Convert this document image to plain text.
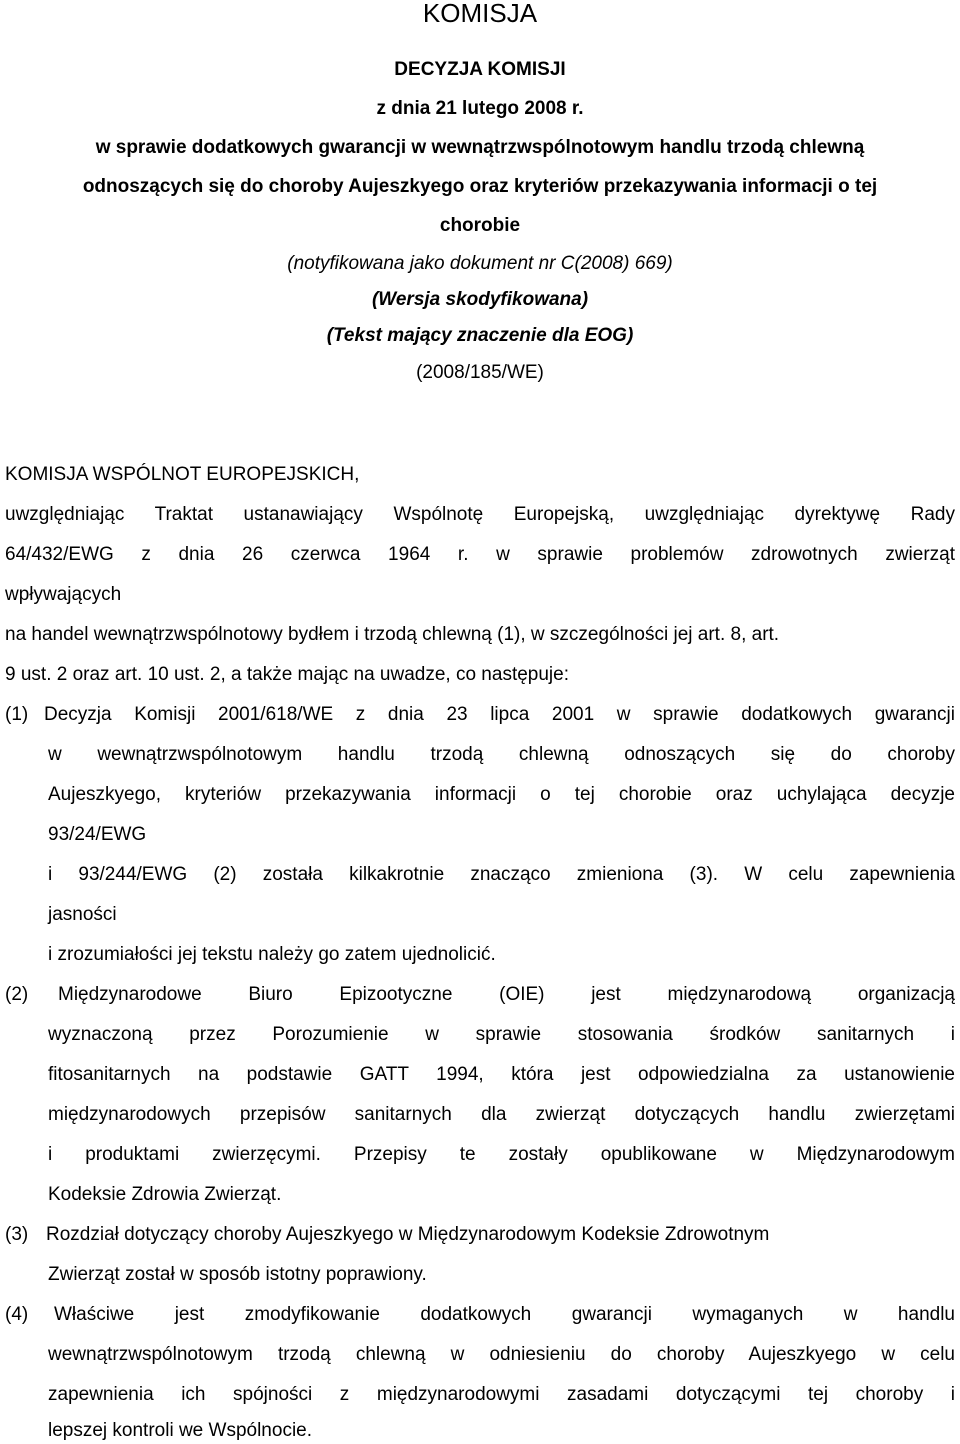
KOMISJA
DECYZJA KOMISJI
z dnia 21 lutego 2008 r.
w sprawie dodatkowych gwarancji w wewnątrzwspólnotowym handlu trzodą chlewną
odnoszących się do choroby Aujeszkyego oraz kryteriów przekazywania informacji o tej
chorobie
(notyfikowana jako dokument nr C(2008) 669)
(Wersja skodyfikowana)
(Tekst mający znaczenie dla EOG)
(2008/185/WE)
KOMISJA WSPÓLNOT EUROPEJSKICH,
uwzględniając Traktat ustanawiający Wspólnotę Europejską, uwzględniając dyrektywę Rady
64/432/EWG z dnia 26 czerwca 1964 r. w sprawie problemów zdrowotnych zwierząt
wpływających
na handel wewnątrzwspólnotowy bydłem i trzodą chlewną (1), w szczególności jej art. 8, art.
9 ust. 2 oraz art. 10 ust. 2, a także mając na uwadze, co następuje:
(1) Decyzja Komisji 2001/618/WE z dnia 23 lipca 2001 w sprawie dodatkowych gwarancji
w wewnątrzwspólnotowym handlu trzodą chlewną odnoszących się do choroby
Aujeszkyego, kryteriów przekazywania informacji o tej chorobie oraz uchylająca decyzje
93/24/EWG
i 93/244/EWG (2) została kilkakrotnie znacząco zmieniona (3). W celu zapewnienia
jasności
i zrozumiałości jej tekstu należy go zatem ujednolicić.
(2) Międzynarodowe Biuro Epizootyczne (OIE) jest międzynarodową organizacją
wyznaczoną przez Porozumienie w sprawie stosowania środków sanitarnych i
fitosanitarnych na podstawie GATT 1994, która jest odpowiedzialna za ustanowienie
międzynarodowych przepisów sanitarnych dla zwierząt dotyczących handlu zwierzętami
i produktami zwierzęcymi. Przepisy te zostały opublikowane w Międzynarodowym
Kodeksie Zdrowia Zwierząt.
(3) Rozdział dotyczący choroby Aujeszkyego w Międzynarodowym Kodeksie Zdrowotnym
Zwierząt został w sposób istotny poprawiony.
(4) Właściwe jest zmodyfikowanie dodatkowych gwarancji wymaganych w handlu
wewnątrzwspólnotowym trzodą chlewną w odniesieniu do choroby Aujeszkyego w celu
zapewnienia ich spójności z międzynarodowymi zasadami dotyczącymi tej choroby i
lepszej kontroli we Wspólnocie.
